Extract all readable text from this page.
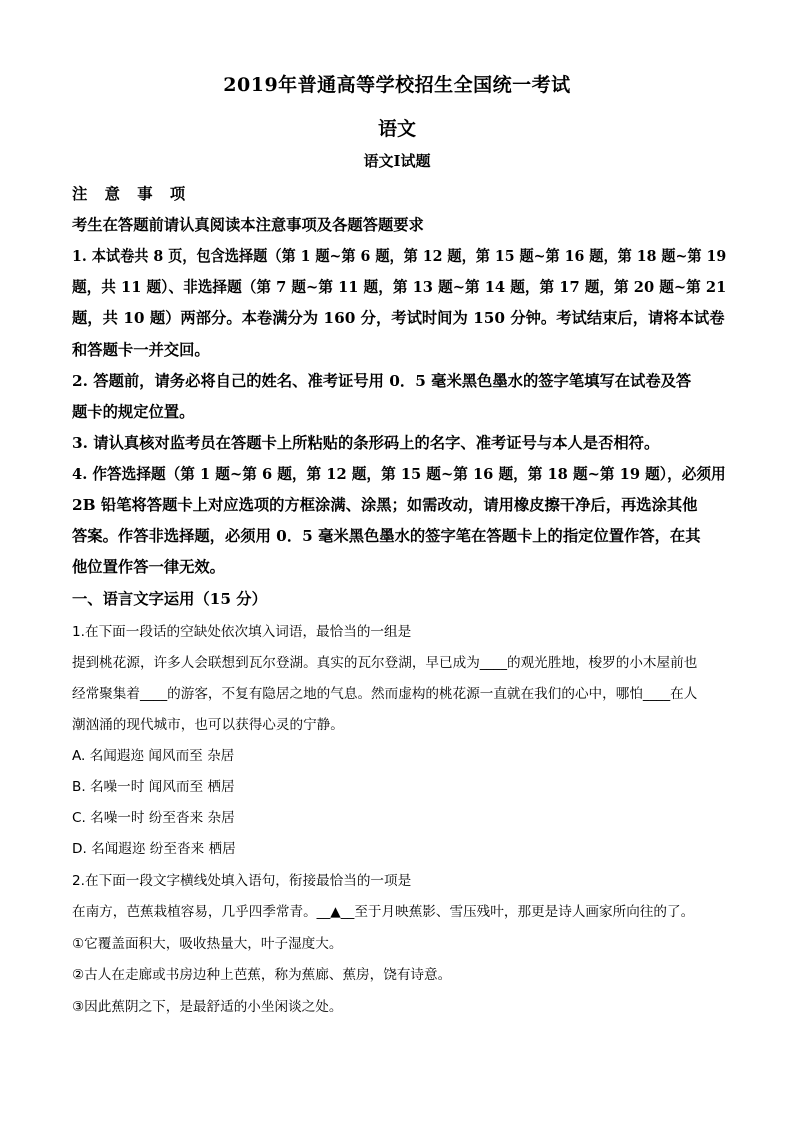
2019年普通高等学校招生全国统一考试
语文
语文Ⅰ试题
注 意 事 项
考生在答题前请认真阅读本注意事项及各题答题要求
1. 本试卷共 8 页，包含选择题（第 1 题~第 6 题，第 12 题，第 15 题~第 16 题，第 18 题~第 19
题，共 11 题）、非选择题（第 7 题~第 11 题，第 13 题~第 14 题，第 17 题，第 20 题~第 21
题，共 10 题）两部分。本卷满分为 160 分，考试时间为 150 分钟。考试结束后，请将本试卷
和答题卡一并交回。
2. 答题前，请务必将自己的姓名、准考证号用 0．5 毫米黑色墨水的签字笔填写在试卷及答
题卡的规定位置。
3. 请认真核对监考员在答题卡上所粘贴的条形码上的名字、准考证号与本人是否相符。
4. 作答选择题（第 1 题~第 6 题，第 12 题，第 15 题~第 16 题，第 18 题~第 19 题），必须用
2B 铅笔将答题卡上对应选项的方框涂满、涂黑；如需改动，请用橡皮擦干净后，再选涂其他
答案。作答非选择题，必须用 0．5 毫米黑色墨水的签字笔在答题卡上的指定位置作答，在其
他位置作答一律无效。
一、语言文字运用（15 分）
1.在下面一段话的空缺处依次填入词语，最恰当的一组是
提到桃花源，许多人会联想到瓦尔登湖。真实的瓦尔登湖，早已成为____的观光胜地，梭罗的小木屋前也
经常聚集着____的游客，不复有隐居之地的气息。然而虚构的桃花源一直就在我们的心中，哪怕____在人
潮汹涌的现代城市，也可以获得心灵的宁静。
A. 名闻遐迩 闻风而至 杂居
B. 名噪一时 闻风而至 栖居
C. 名噪一时 纷至沓来 杂居
D. 名闻遐迩 纷至沓来 栖居
2.在下面一段文字横线处填入语句，衔接最恰当的一项是
在南方，芭蕉栽植容易，几乎四季常青。__▲__至于月映蕉影、雪压残叶，那更是诗人画家所向往的了。
①它覆盖面积大，吸收热量大，叶子湿度大。
②古人在走廊或书房边种上芭蕉，称为蕉廊、蕉房，饶有诗意。
③因此蕉阴之下，是最舒适的小坐闲谈之处。
